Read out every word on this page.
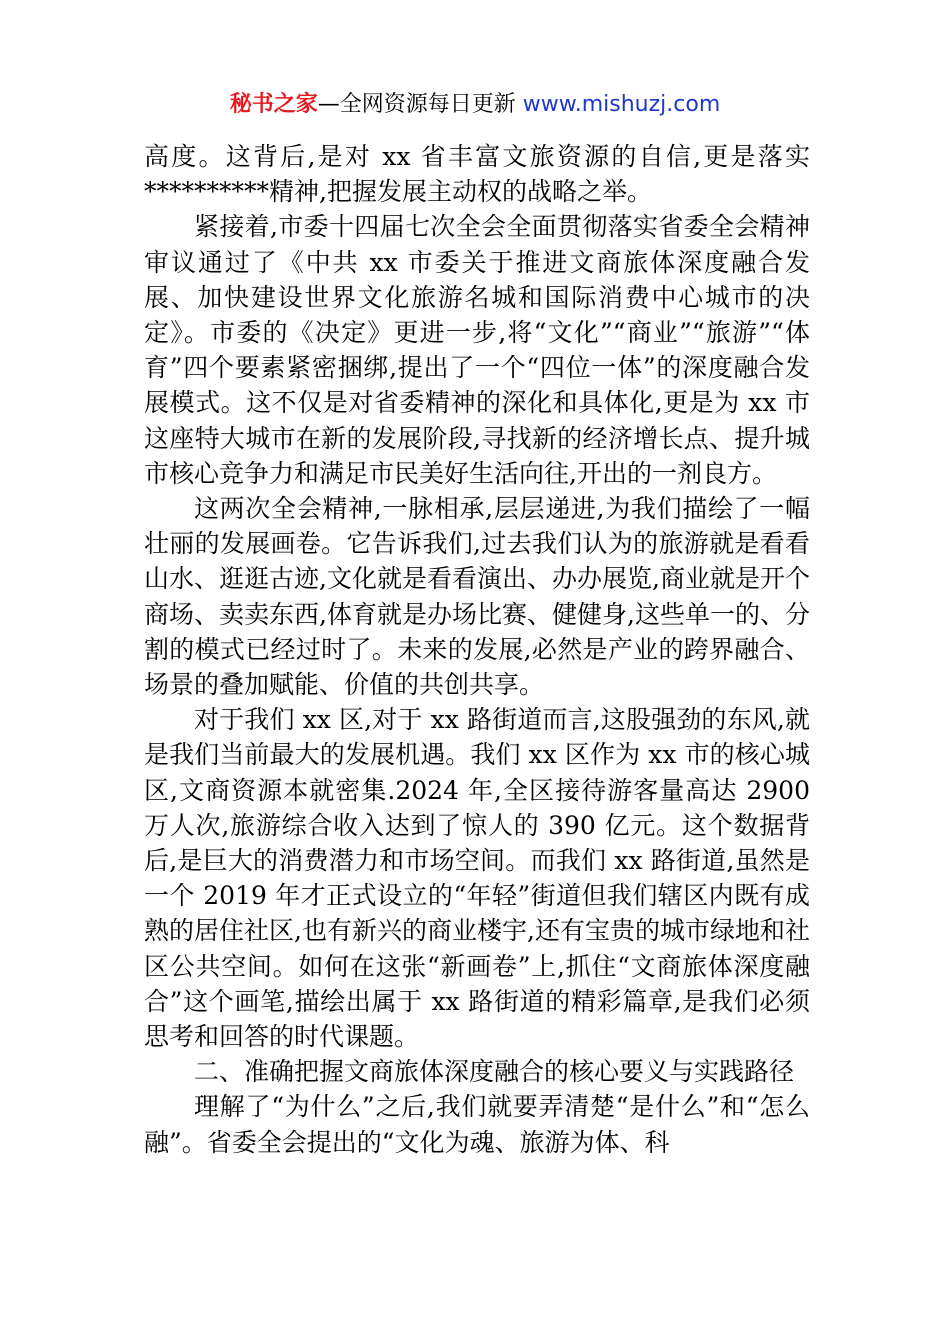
秘书之家—全网资源每日更新 www.mishuzj.com

高度。这背后,是对 xx 省丰富文旅资源的自信,更是落实**********精神,把握发展主动权的战略之举。

紧接着,市委十四届七次全会全面贯彻落实省委全会精神审议通过了《中共 xx 市委关于推进文商旅体深度融合发展、加快建设世界文化旅游名城和国际消费中心城市的决定》。市委的《决定》更进一步,将“文化”“商业”“旅游”“体育”四个要素紧密捆绑,提出了一个“四位一体”的深度融合发展模式。这不仅是对省委精神的深化和具体化,更是为 xx 市这座特大城市在新的发展阶段,寻找新的经济增长点、提升城市核心竞争力和满足市民美好生活向往,开出的一剂良方。

这两次全会精神,一脉相承,层层递进,为我们描绘了一幅壮丽的发展画卷。它告诉我们,过去我们认为的旅游就是看看山水、逛逛古迹,文化就是看看演出、办办展览,商业就是开个商场、卖卖东西,体育就是办场比赛、健健身,这些单一的、分割的模式已经过时了。未来的发展,必然是产业的跨界融合、场景的叠加赋能、价值的共创共享。

对于我们 xx 区,对于 xx 路街道而言,这股强劲的东风,就是我们当前最大的发展机遇。我们 xx 区作为 xx 市的核心城区,文商资源本就密集.2024 年,全区接待游客量高达 2900 万人次,旅游综合收入达到了惊人的 390 亿元。这个数据背后,是巨大的消费潜力和市场空间。而我们 xx 路街道,虽然是一个 2019 年才正式设立的“年轻”街道但我们辖区内既有成熟的居住社区,也有新兴的商业楼宇,还有宝贵的城市绿地和社区公共空间。如何在这张“新画卷”上,抓住“文商旅体深度融合”这个画笔,描绘出属于 xx 路街道的精彩篇章,是我们必须思考和回答的时代课题。

二、准确把握文商旅体深度融合的核心要义与实践路径

理解了“为什么”之后,我们就要弄清楚“是什么”和“怎么融”。省委全会提出的“文化为魂、旅游为体、科
